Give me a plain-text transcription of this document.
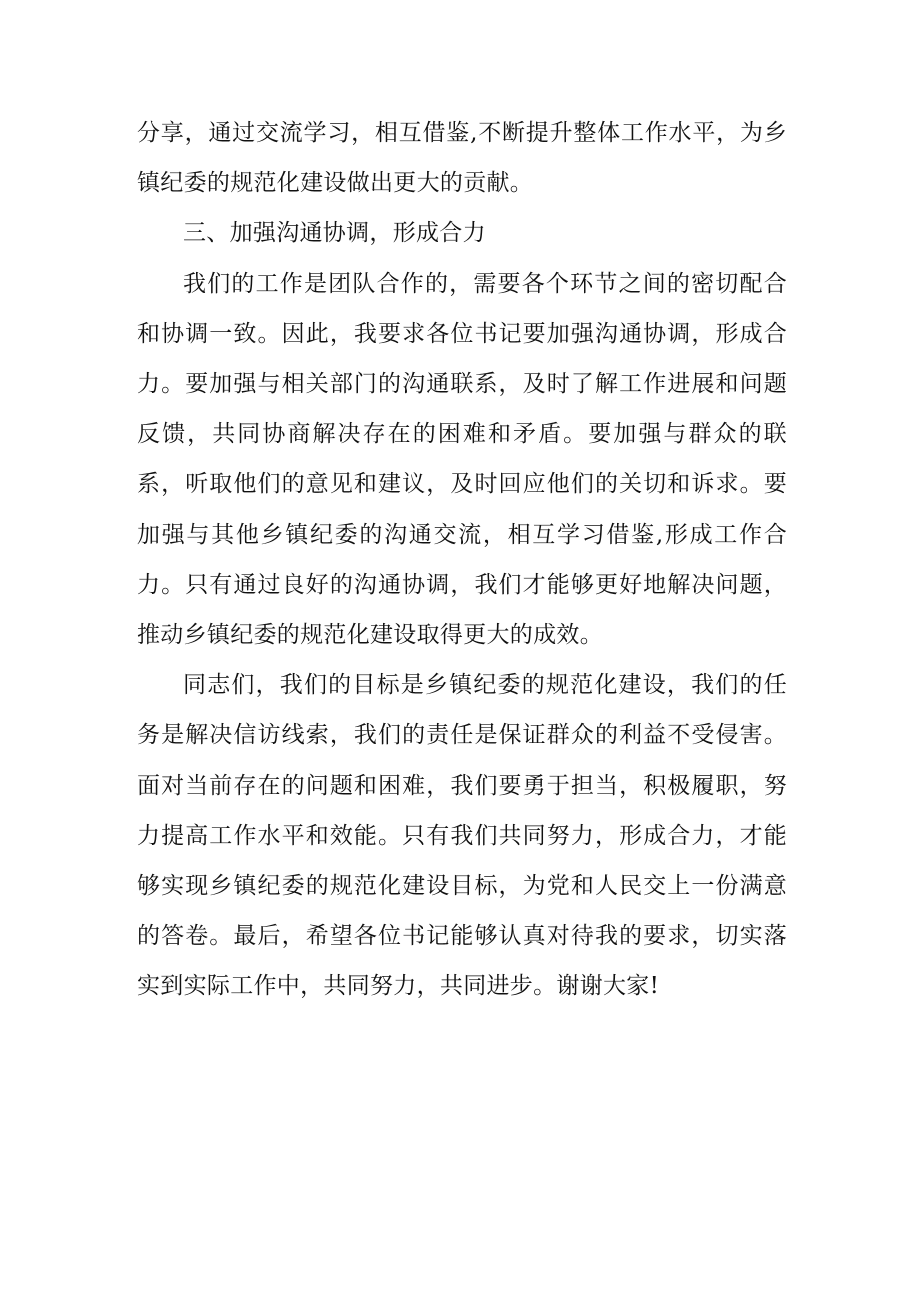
分享，通过交流学习，相互借鉴,不断提升整体工作水平，为乡镇纪委的规范化建设做出更大的贡献。

三、加强沟通协调，形成合力

我们的工作是团队合作的，需要各个环节之间的密切配合和协调一致。因此，我要求各位书记要加强沟通协调，形成合力。要加强与相关部门的沟通联系，及时了解工作进展和问题反馈，共同协商解决存在的困难和矛盾。要加强与群众的联系，听取他们的意见和建议，及时回应他们的关切和诉求。要加强与其他乡镇纪委的沟通交流，相互学习借鉴,形成工作合力。只有通过良好的沟通协调，我们才能够更好地解决问题，推动乡镇纪委的规范化建设取得更大的成效。

同志们，我们的目标是乡镇纪委的规范化建设，我们的任务是解决信访线索，我们的责任是保证群众的利益不受侵害。面对当前存在的问题和困难，我们要勇于担当，积极履职，努力提高工作水平和效能。只有我们共同努力，形成合力，才能够实现乡镇纪委的规范化建设目标，为党和人民交上一份满意的答卷。最后，希望各位书记能够认真对待我的要求，切实落实到实际工作中，共同努力，共同进步。谢谢大家!
